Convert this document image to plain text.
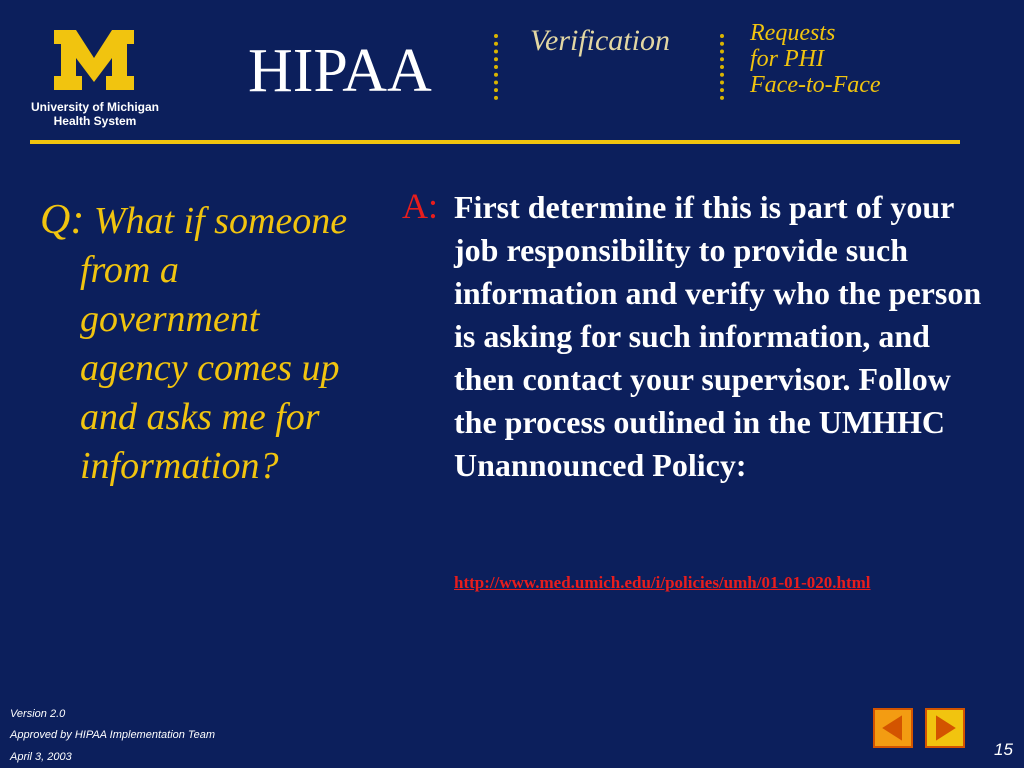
University of Michigan
Health System
HIPAA	Verification	Requests
for PHI
Face-to-Face
Q: What if someone from a government agency comes up and asks me for information?
A: First determine if this is part of your job responsibility to provide such information and verify who the person is asking for such information, and then contact your supervisor. Follow the process outlined in the UMHHC Unannounced Policy:
http://www.med.umich.edu/i/policies/umh/01-01-020.html
Version 2.0
Approved by HIPAA Implementation Team
April 3, 2003	15
